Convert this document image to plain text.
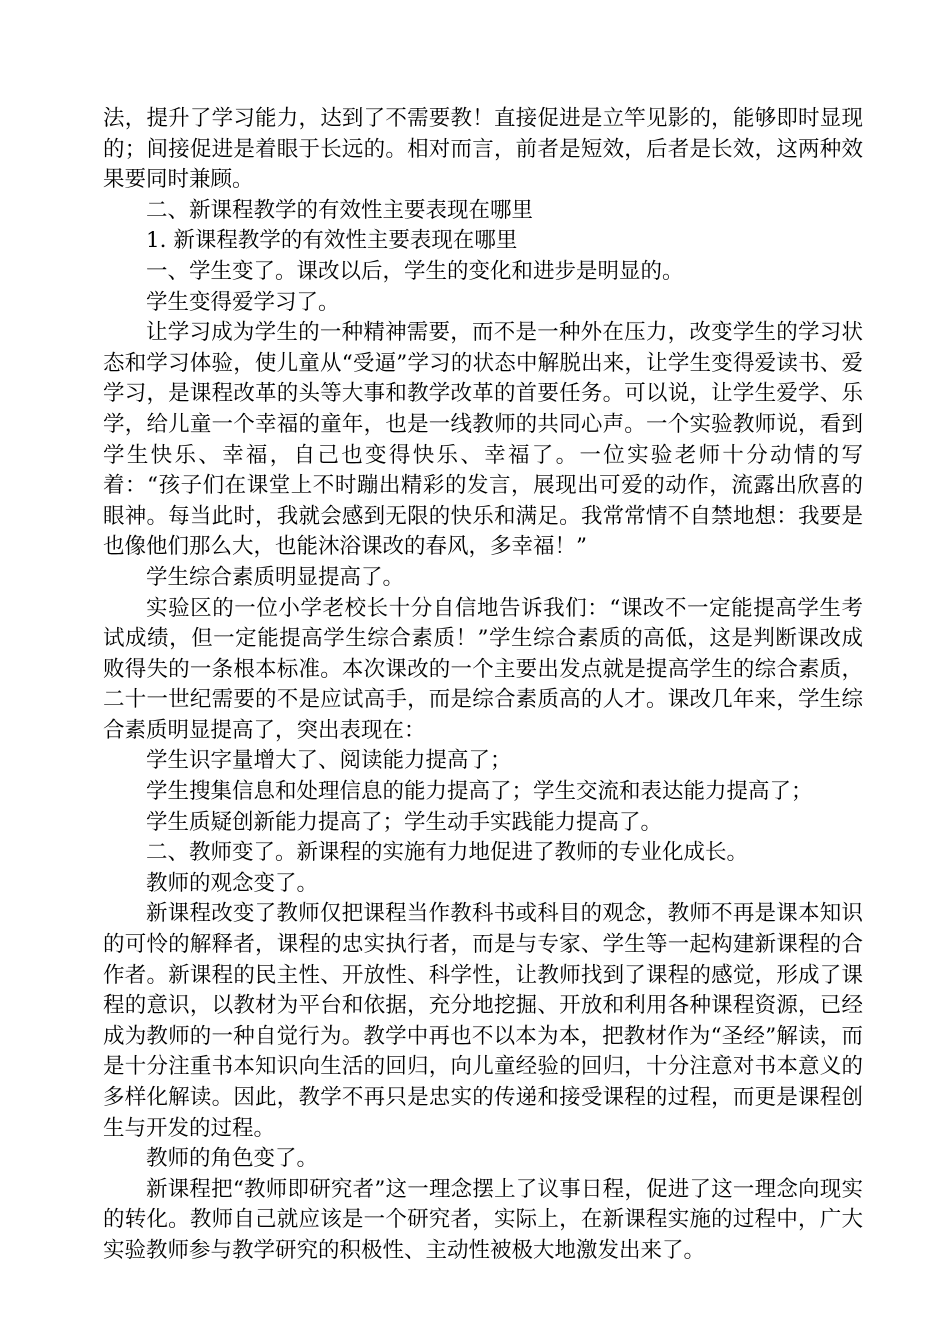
法，提升了学习能力，达到了不需要教！直接促进是立竿见影的，能够即时显现的；间接促进是着眼于长远的。相对而言，前者是短效，后者是长效，这两种效果要同时兼顾。

二、新课程教学的有效性主要表现在哪里

1. 新课程教学的有效性主要表现在哪里

一、学生变了。课改以后，学生的变化和进步是明显的。

学生变得爱学习了。

让学习成为学生的一种精神需要，而不是一种外在压力，改变学生的学习状态和学习体验，使儿童从“受逼”学习的状态中解脱出来，让学生变得爱读书、爱学习，是课程改革的头等大事和教学改革的首要任务。可以说，让学生爱学、乐学，给儿童一个幸福的童年，也是一线教师的共同心声。一个实验教师说，看到学生快乐、幸福，自己也变得快乐、幸福了。一位实验老师十分动情的写着：“孩子们在课堂上不时蹦出精彩的发言，展现出可爱的动作，流露出欣喜的眼神。每当此时，我就会感到无限的快乐和满足。我常常情不自禁地想：我要是也像他们那么大，也能沐浴课改的春风，多幸福！”

学生综合素质明显提高了。

实验区的一位小学老校长十分自信地告诉我们：“课改不一定能提高学生考试成绩，但一定能提高学生综合素质！”学生综合素质的高低，这是判断课改成败得失的一条根本标准。本次课改的一个主要出发点就是提高学生的综合素质，二十一世纪需要的不是应试高手，而是综合素质高的人才。课改几年来，学生综合素质明显提高了，突出表现在：

学生识字量增大了、阅读能力提高了；

学生搜集信息和处理信息的能力提高了；学生交流和表达能力提高了；

学生质疑创新能力提高了；学生动手实践能力提高了。

二、教师变了。新课程的实施有力地促进了教师的专业化成长。

教师的观念变了。

新课程改变了教师仅把课程当作教科书或科目的观念，教师不再是课本知识的可怜的解释者，课程的忠实执行者，而是与专家、学生等一起构建新课程的合作者。新课程的民主性、开放性、科学性，让教师找到了课程的感觉，形成了课程的意识，以教材为平台和依据，充分地挖掘、开放和利用各种课程资源，已经成为教师的一种自觉行为。教学中再也不以本为本，把教材作为“圣经”解读，而是十分注重书本知识向生活的回归，向儿童经验的回归，十分注意对书本意义的多样化解读。因此，教学不再只是忠实的传递和接受课程的过程，而更是课程创生与开发的过程。

教师的角色变了。

新课程把“教师即研究者”这一理念摆上了议事日程，促进了这一理念向现实的转化。教师自己就应该是一个研究者，实际上，在新课程实施的过程中，广大实验教师参与教学研究的积极性、主动性被极大地激发出来了。
